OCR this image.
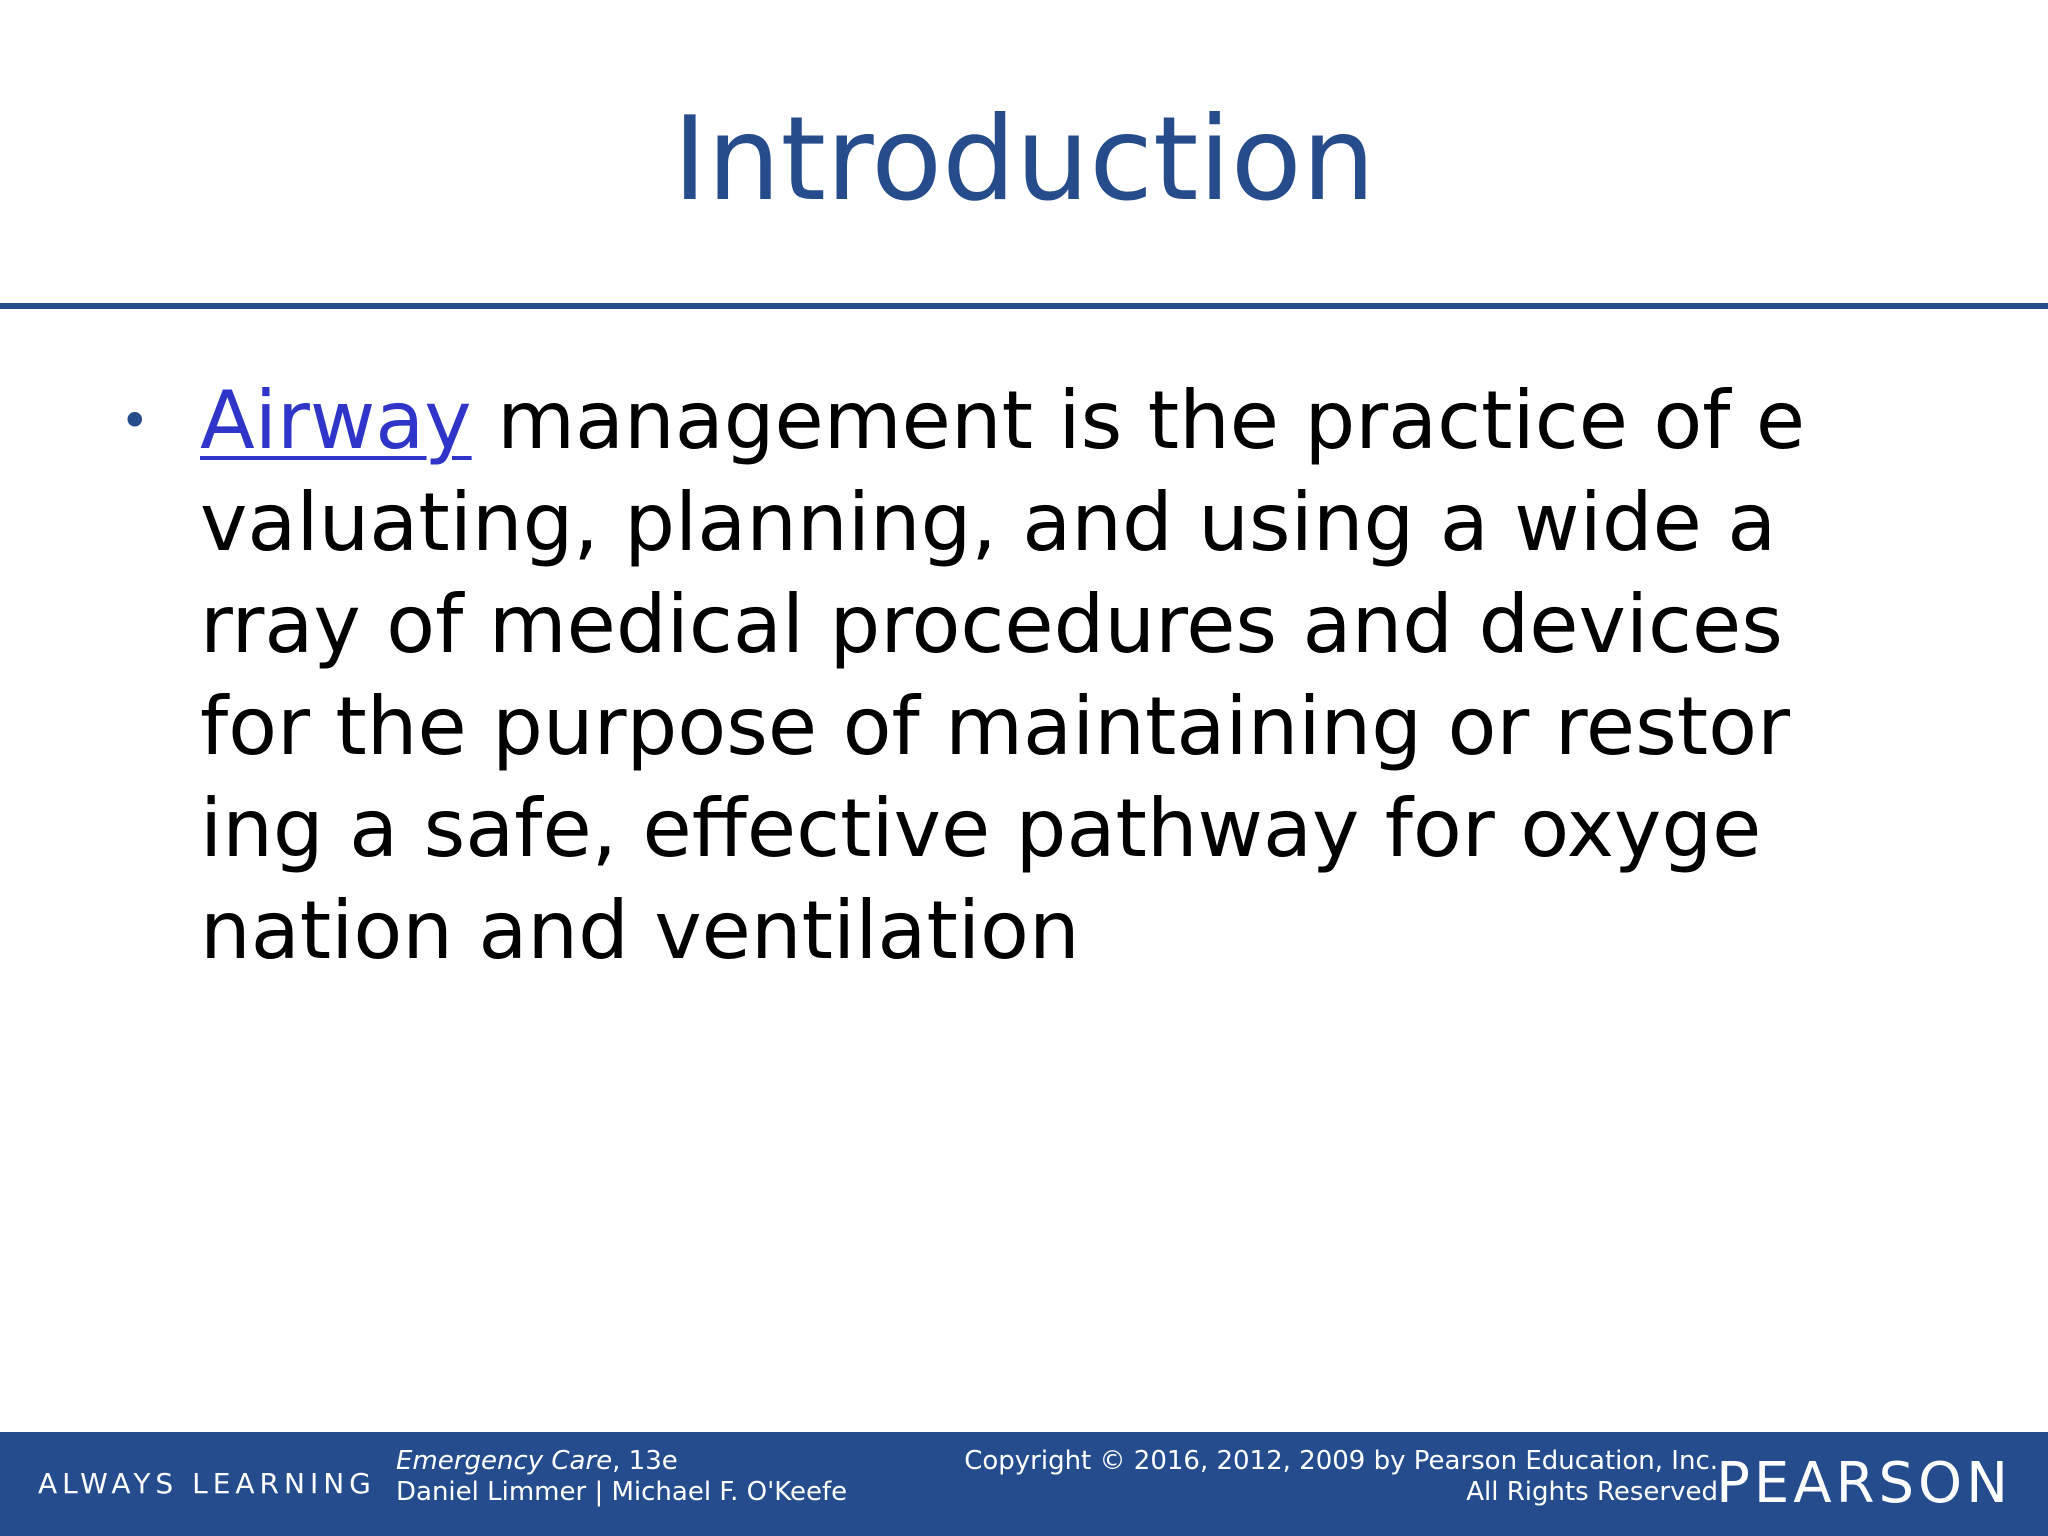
Introduction
• Airway management is the practice of e
valuating, planning, and using a wide a
rray of medical procedures and devices
for the purpose of maintaining or restor
ing a safe, effective pathway for oxyge
nation and ventilation
ALWAYS LEARNING
Emergency Care, 13e
Daniel Limmer | Michael F. O'Keefe
Copyright © 2016, 2012, 2009 by Pearson Education, Inc.
All Rights Reserved
PEARSON
